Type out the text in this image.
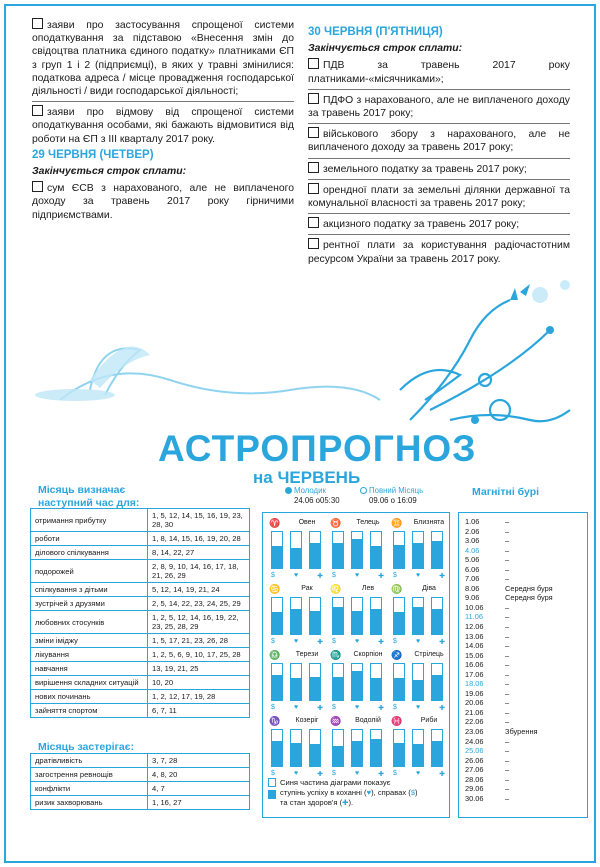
заяви про застосування спрощеної системи оподаткування за підставою «Внесення змін до свідоцтва платника єдиного податку» платниками ЄП з груп 1 і 2 (підприємці), в яких у травні змінилися: податкова адреса / місце провадження господарської діяльності / види господарської діяльності;

заяви про відмову від спрощеної системи оподаткування особами, які бажають відмовитися від роботи на ЄП з ІІІ кварталу 2017 року.

29 ЧЕРВНЯ (ЧЕТВЕР)
Закінчується строк сплати:

сум ЄСВ з нарахованого, але не виплаченого доходу за травень 2017 року гірничими підприємствами.

30 ЧЕРВНЯ (П'ЯТНИЦЯ)
Закінчується строк сплати:

ПДВ за травень 2017 року платниками-«місячниками»;

ПДФО з нарахованого, але не виплаченого доходу за травень 2017 року;

військового збору з нарахованого, але не виплаченого доходу за травень 2017 року;

земельного податку за травень 2017 року;

орендної плати за земельні ділянки державної та комунальної власності за травень 2017 року;

акцизного податку за травень 2017 року;

рентної плати за користування радіочастотним ресурсом України за травень 2017 року.

АСТРОПРОГНОЗ
на ЧЕРВЕНЬ
Місяць визначає
наступний час для:
отримання прибутку	1, 5, 12, 14, 15, 16, 19, 23, 28, 30
роботи	1, 8, 14, 15, 16, 19, 20, 28
ділового спілкування	8, 14, 22, 27
подорожей	2, 8, 9, 10, 14, 16, 17, 18, 21, 26, 29
спілкування з дітьми	5, 12, 14, 19, 21, 24
зустрічей з друзями	2, 5, 14, 22, 23, 24, 25, 29
любовних стосунків	1, 2, 5, 12, 14, 16, 19, 22, 23, 25, 28, 29
зміни іміджу	1, 5, 17, 21, 23, 26, 28
лікування	1, 2, 5, 6, 9, 10, 17, 25, 28
навчання	13, 19, 21, 25
вирішення складних ситуацій	10, 20
нових починань	1, 2, 12, 17, 19, 28
зайняття спортом	6, 7, 11
Місяць застерігає:
дратівливість	3, 7, 28
загострення ревнощів	4, 8, 20
конфлікти	4, 7
ризик захворювань	1, 16, 27
Молодик
24.06 о05:30
Повний Місяць
09.06 о 16:09
♈	Овен
$	♥	✚
♉	Телець
$	♥	✚
♊	Близнята
$	♥	✚
♋	Рак
$	♥	✚
♌	Лев
$	♥	✚
♍	Діва
$	♥	✚
♎	Терези
$	♥	✚
♏	Скорпіон
$	♥	✚
♐	Стрілець
$	♥	✚
♑	Козеріг
$	♥	✚
♒	Водолій
$	♥	✚
♓	Риби
$	♥	✚
Синя частина діаграми показує
ступінь успіху в коханні (♥), справах ($)
та стан здоров'я (✚).
Магнітні бурі
1.06	–
2.06	–
3.06	–
4.06	–
5.06	–
6.06	–
7.06	–
8.06	Середня буря
9.06	Середня буря
10.06	–
11.06	–
12.06	–
13.06	–
14.06	–
15.06	–
16.06	–
17.06	–
18.06	–
19.06	–
20.06	–
21.06	–
22.06	–
23.06	Збурення
24.06	–
25.06	–
26.06	–
27.06	–
28.06	–
29.06	–
30.06	–
